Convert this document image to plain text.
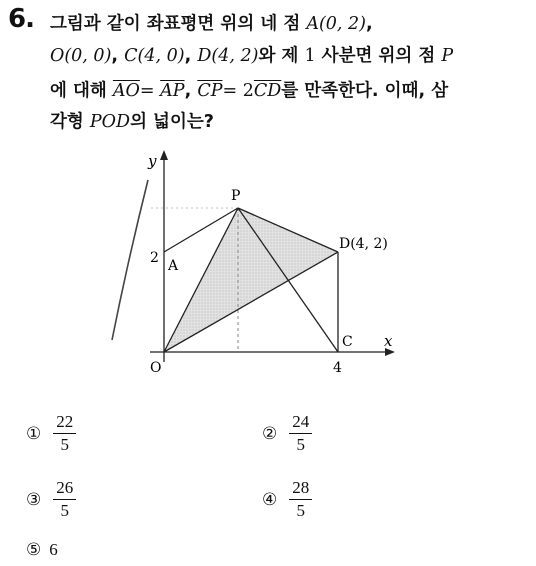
6. 그림과 같이 좌표평면 위의 네 점 A(0, 2),
O(0, 0), C(4, 0), D(4, 2)와 제 1 사분면 위의 점 P
에 대해 $\overline{AO}= \overline{AP}$, $\overline{CP}= 2\overline{CD}$를 만족한다. 이때, 삼
각형 POD의 넓이는?
y
x
P
A
2
D(4, 2)
C
O	4
① $\frac{22}{5}$	② $\frac{24}{5}$
③ $\frac{26}{5}$	④ $\frac{28}{5}$
⑤ 6
